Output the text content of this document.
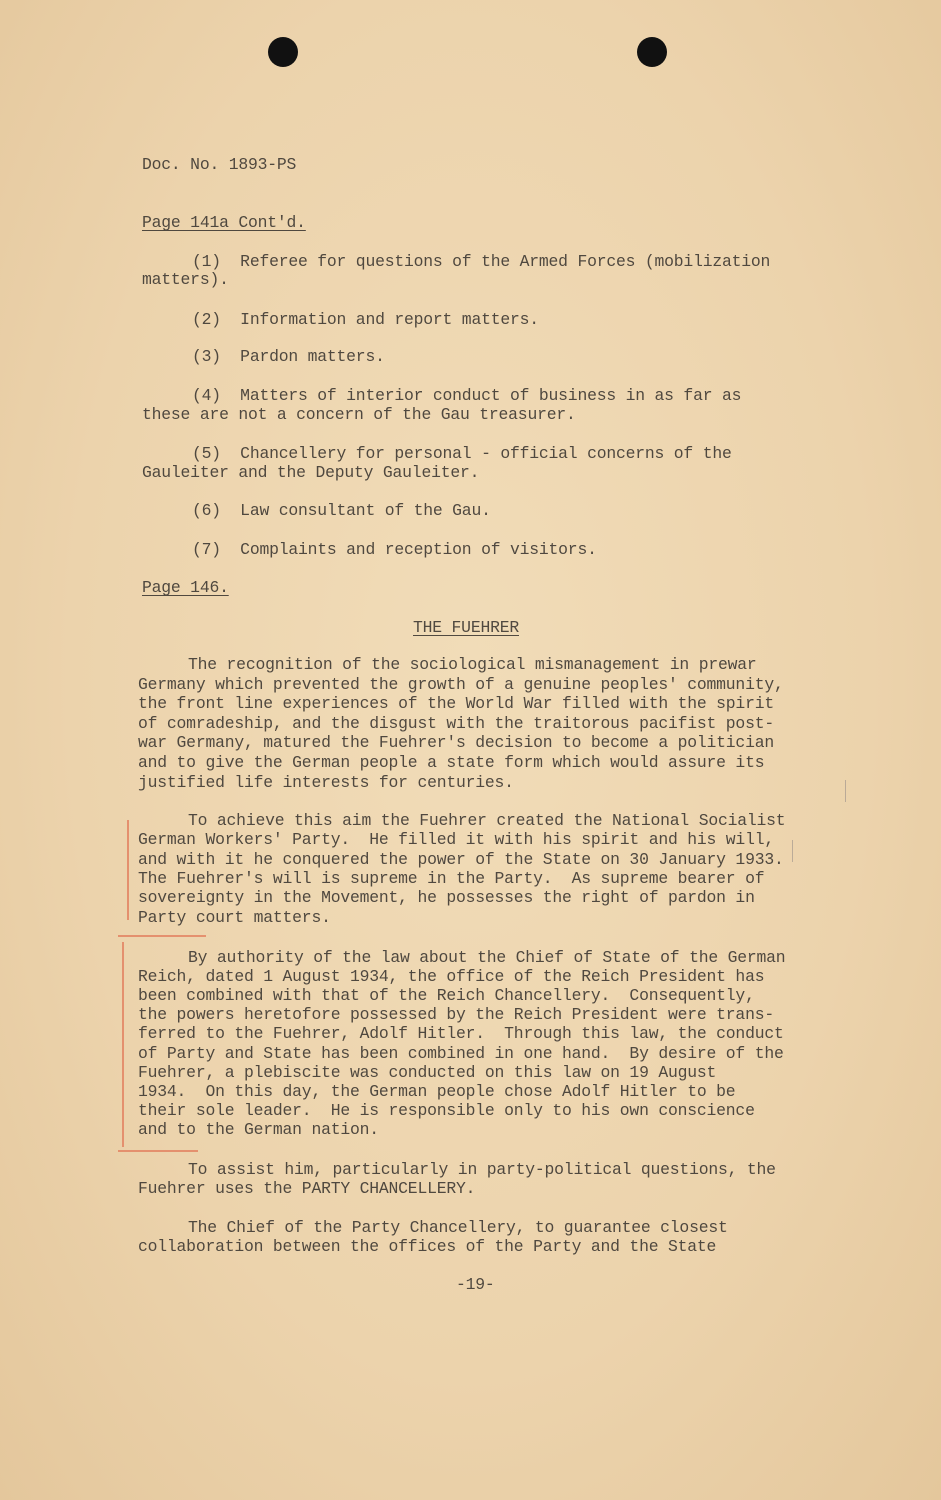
Doc. No. 1893-PS
Page 141a Cont'd.
(1)  Referee for questions of the Armed Forces (mobilization
matters).
(2)  Information and report matters.
(3)  Pardon matters.
(4)  Matters of interior conduct of business in as far as
these are not a concern of the Gau treasurer.
(5)  Chancellery for personal - official concerns of the
Gauleiter and the Deputy Gauleiter.
(6)  Law consultant of the Gau.
(7)  Complaints and reception of visitors.
Page 146.
THE FUEHRER
The recognition of the sociological mismanagement in prewar
Germany which prevented the growth of a genuine peoples' community,
the front line experiences of the World War filled with the spirit
of comradeship, and the disgust with the traitorous pacifist post-
war Germany, matured the Fuehrer's decision to become a politician
and to give the German people a state form which would assure its
justified life interests for centuries.
To achieve this aim the Fuehrer created the National Socialist
German Workers' Party.  He filled it with his spirit and his will,
and with it he conquered the power of the State on 30 January 1933.
The Fuehrer's will is supreme in the Party.  As supreme bearer of
sovereignty in the Movement, he possesses the right of pardon in
Party court matters.
By authority of the law about the Chief of State of the German
Reich, dated 1 August 1934, the office of the Reich President has
been combined with that of the Reich Chancellery.  Consequently,
the powers heretofore possessed by the Reich President were trans-
ferred to the Fuehrer, Adolf Hitler.  Through this law, the conduct
of Party and State has been combined in one hand.  By desire of the
Fuehrer, a plebiscite was conducted on this law on 19 August
1934.  On this day, the German people chose Adolf Hitler to be
their sole leader.  He is responsible only to his own conscience
and to the German nation.
To assist him, particularly in party-political questions, the
Fuehrer uses the PARTY CHANCELLERY.
The Chief of the Party Chancellery, to guarantee closest
collaboration between the offices of the Party and the State
-19-
